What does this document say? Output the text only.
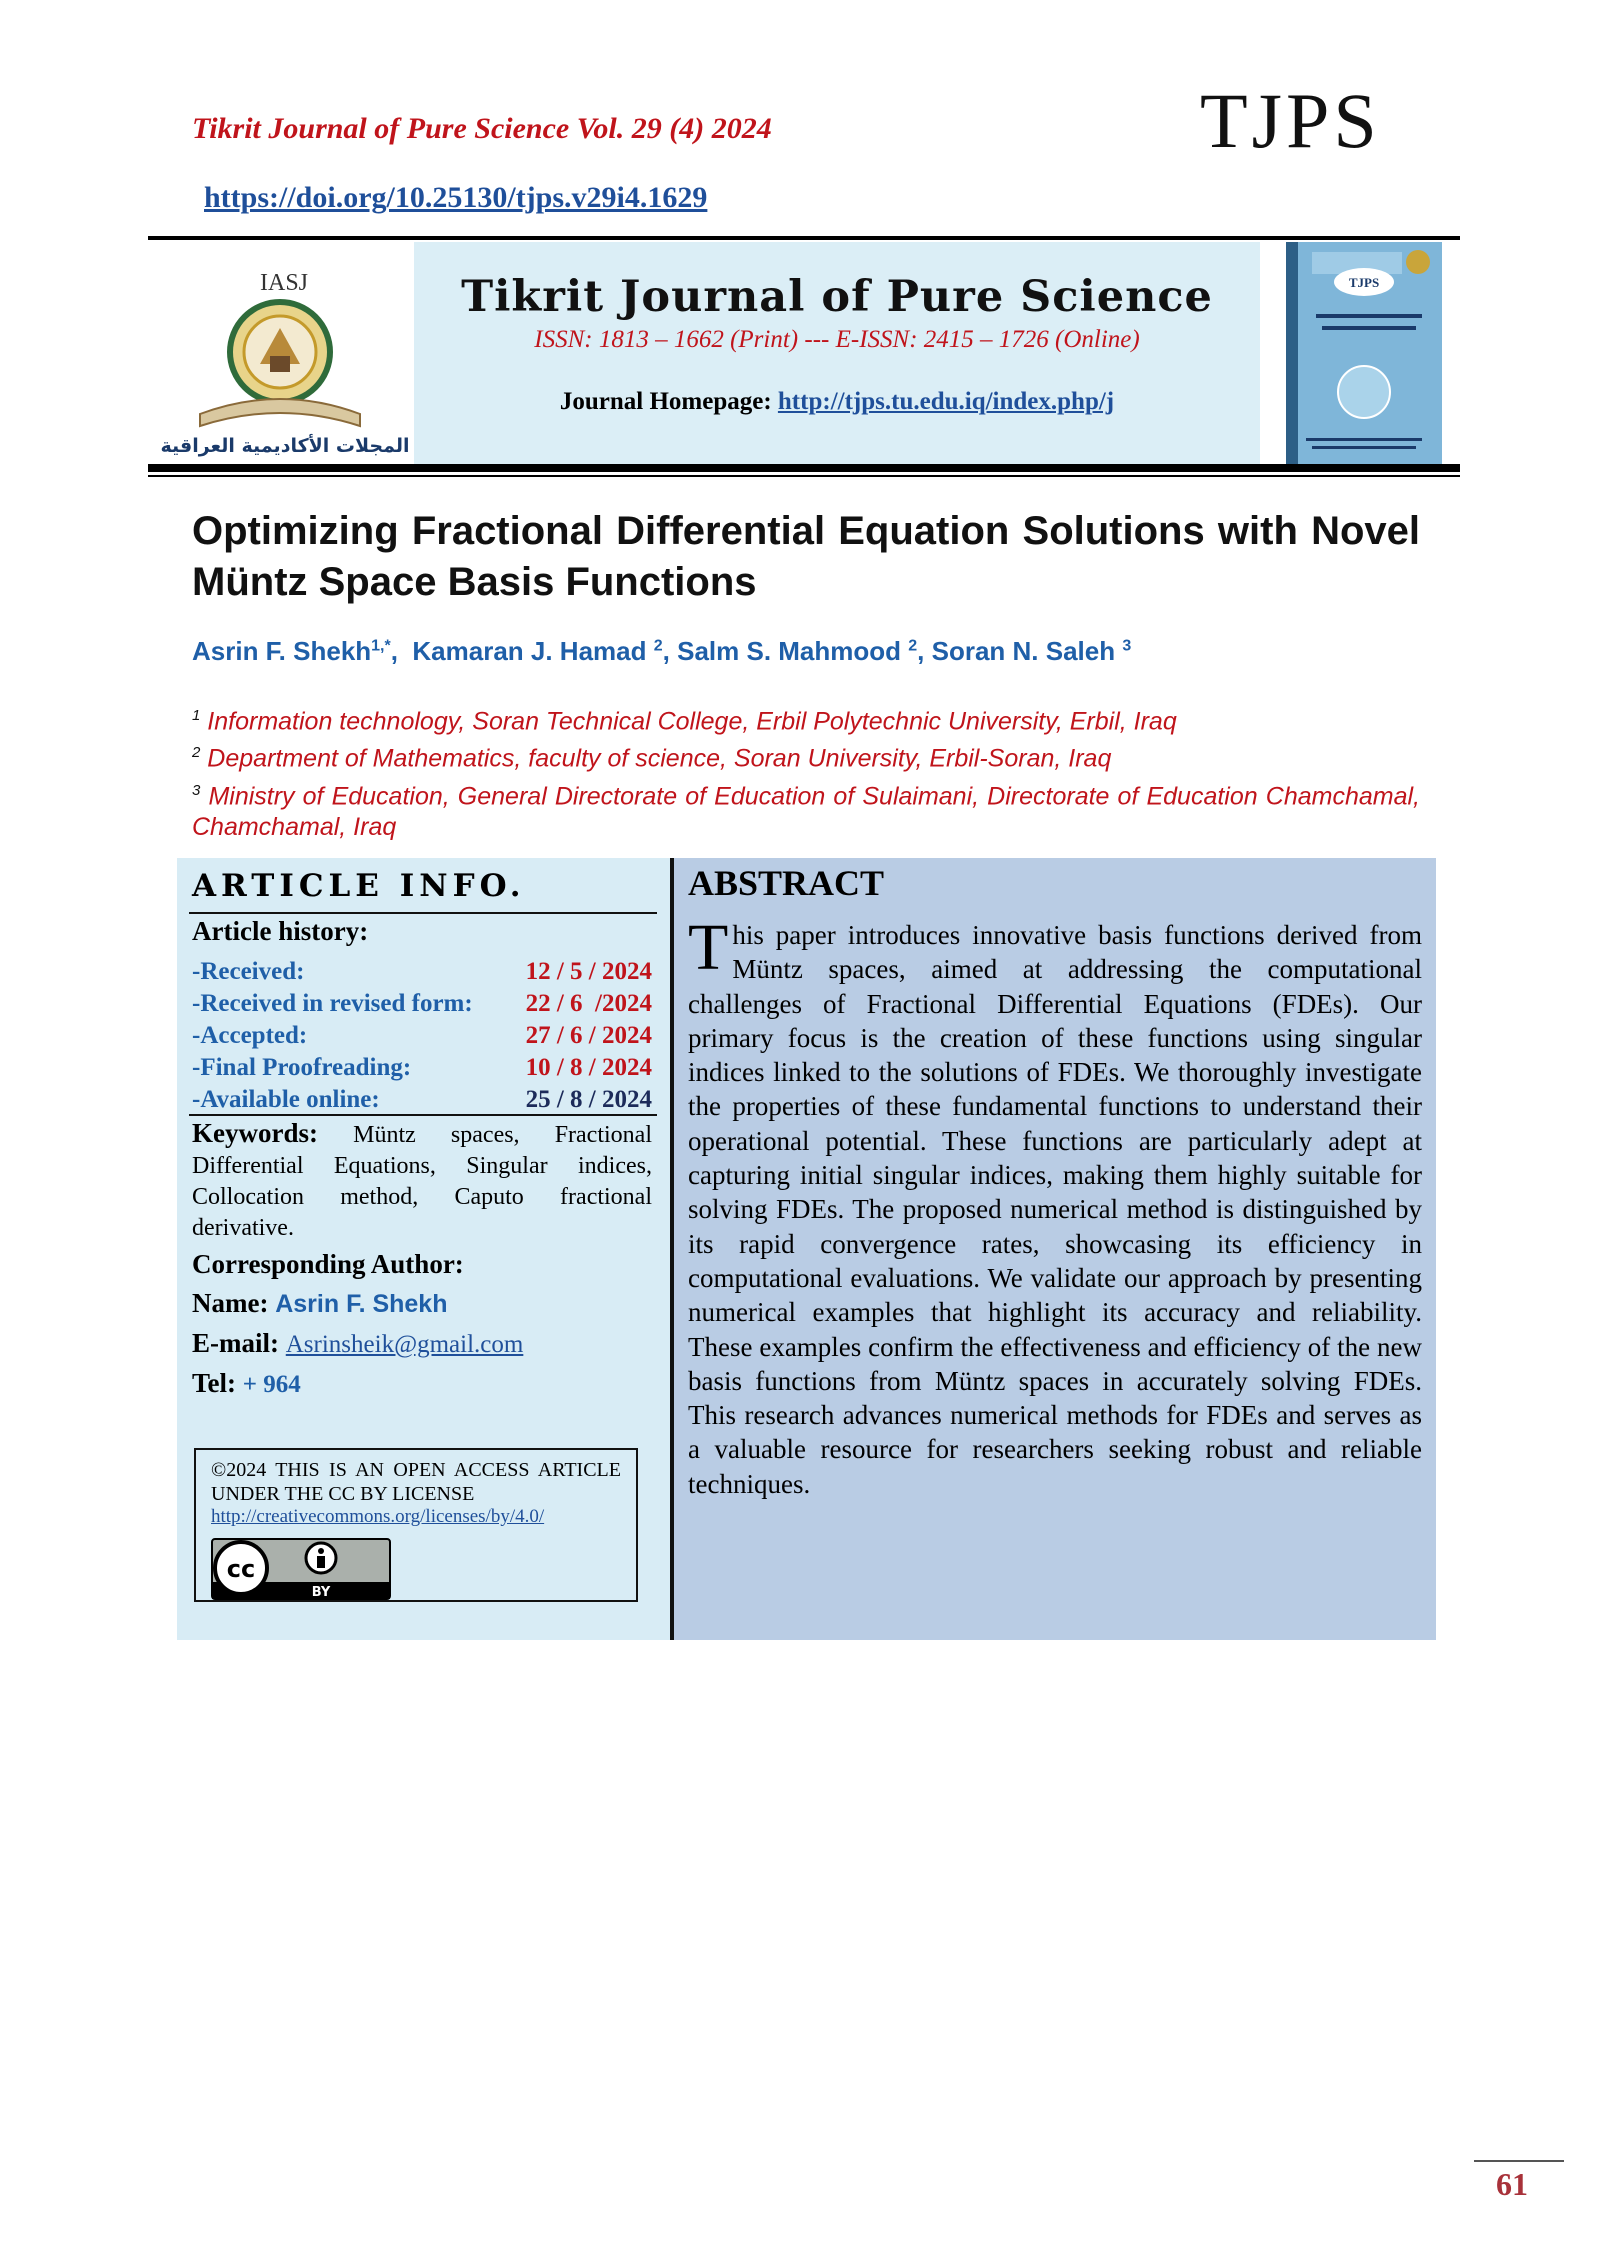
Tikrit Journal of Pure Science Vol. 29 (4) 2024	TJPS
https://doi.org/10.25130/tjps.v29i4.1629
IASJ
المجلات الأكاديمية العراقية
Tikrit Journal of Pure Science
ISSN: 1813 – 1662 (Print) --- E-ISSN: 2415 – 1726 (Online)
Journal Homepage: http://tjps.tu.edu.iq/index.php/j
TJPS
Optimizing Fractional Differential Equation Solutions with Novel Müntz Space Basis Functions
Asrin F. Shekh$^{1,*}$,  Kamaran J. Hamad $^2$, Salm S. Mahmood $^2$, Soran N. Saleh $^3$
$^1$ Information technology, Soran Technical College, Erbil Polytechnic University, Erbil, Iraq
$^2$ Department of Mathematics, faculty of science, Soran University, Erbil-Soran, Iraq
$^3$ Ministry of Education, General Directorate of Education of Sulaimani, Directorate of Education Chamchamal, Chamchamal, Iraq
ARTICLE INFO.
Article history:
-Received:	12 / 5 / 2024
-Received in revised form: 22 / 6  /2024
-Accepted:	27 / 6 / 2024
-Final Proofreading:	10 / 8 / 2024
-Available online:	25 / 8 / 2024
Keywords: Müntz spaces, Fractional Differential Equations, Singular indices, Collocation method, Caputo fractional derivative.
Corresponding Author:
Name: Asrin F. Shekh
E-mail: Asrinsheik@gmail.com
Tel: + 964
©2024 THIS IS AN OPEN ACCESS ARTICLE UNDER THE CC BY LICENSE
http://creativecommons.org/licenses/by/4.0/
cc
BY
ABSTRACT
This paper introduces innovative basis functions derived from Müntz spaces, aimed at addressing the computational challenges of Fractional Differential Equations (FDEs). Our primary focus is the creation of these functions using singular indices linked to the solutions of FDEs. We thoroughly investigate the properties of these fundamental functions to understand their operational potential. These functions are particularly adept at capturing initial singular indices, making them highly suitable for solving FDEs. The proposed numerical method is distinguished by its rapid convergence rates, showcasing its efficiency in computational evaluations. We validate our approach by presenting numerical examples that highlight its accuracy and reliability. These examples confirm the effectiveness and efficiency of the new basis functions from Müntz spaces in accurately solving FDEs. This research advances numerical methods for FDEs and serves as a valuable resource for researchers seeking robust and reliable techniques.
61
